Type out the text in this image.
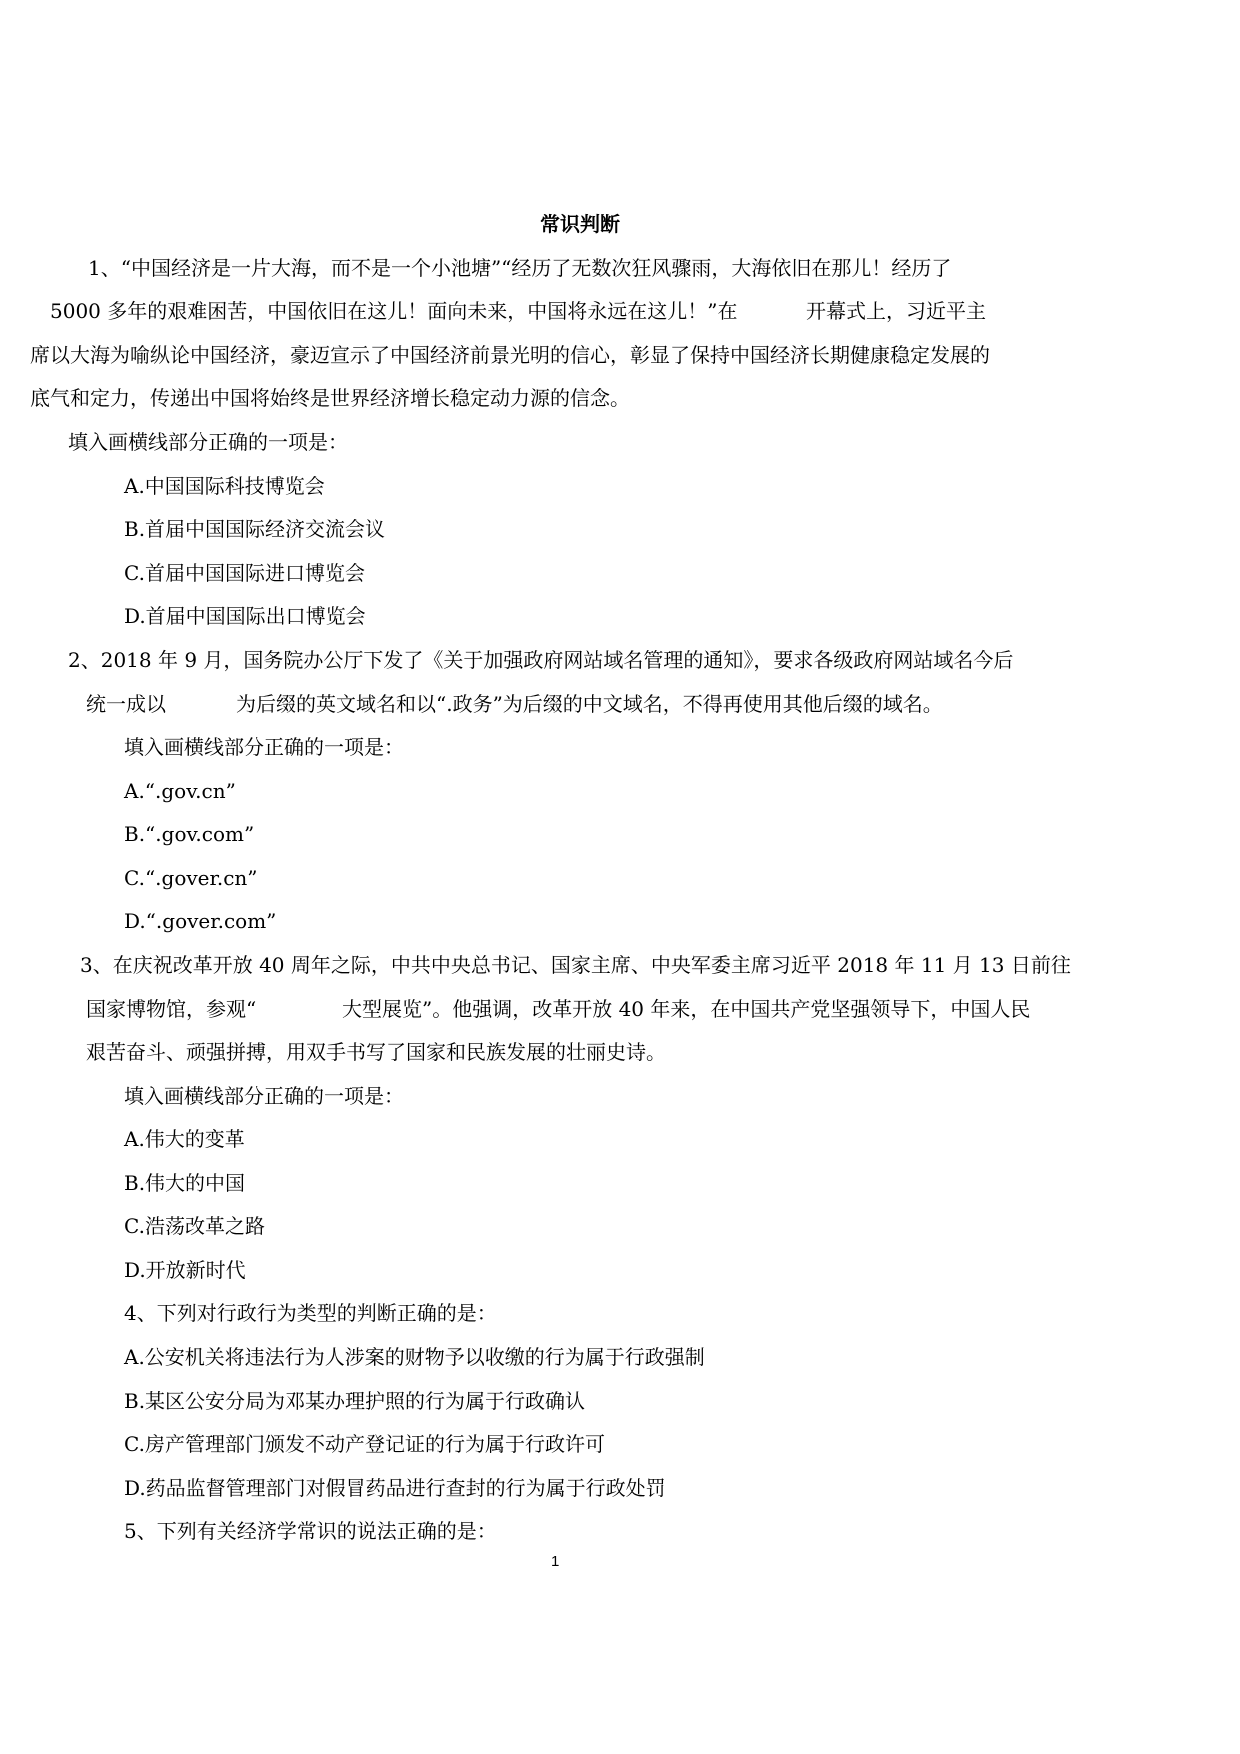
常识判断
1、“中国经济是一片大海，而不是一个小池塘”“经历了无数次狂风骤雨，大海依旧在那儿！经历了
5000 多年的艰难困苦，中国依旧在这儿！面向未来，中国将永远在这儿！”在	开幕式上，习近平主
席以大海为喻纵论中国经济，豪迈宣示了中国经济前景光明的信心，彰显了保持中国经济长期健康稳定发展的
底气和定力，传递出中国将始终是世界经济增长稳定动力源的信念。
填入画横线部分正确的一项是：
A.中国国际科技博览会
B.首届中国国际经济交流会议
C.首届中国国际进口博览会
D.首届中国国际出口博览会
2、2018 年 9 月，国务院办公厅下发了《关于加强政府网站域名管理的通知》，要求各级政府网站域名今后
统一成以	为后缀的英文域名和以“.政务”为后缀的中文域名，不得再使用其他后缀的域名。
填入画横线部分正确的一项是：
A.“.gov.cn”
B.“.gov.com”
C.“.gover.cn”
D.“.gover.com”
3、在庆祝改革开放 40 周年之际，中共中央总书记、国家主席、中央军委主席习近平 2018 年 11 月 13 日前往
国家博物馆，参观“	大型展览”。他强调，改革开放 40 年来，在中国共产党坚强领导下，中国人民
艰苦奋斗、顽强拼搏，用双手书写了国家和民族发展的壮丽史诗。
填入画横线部分正确的一项是：
A.伟大的变革
B.伟大的中国
C.浩荡改革之路
D.开放新时代
4、下列对行政行为类型的判断正确的是：
A.公安机关将违法行为人涉案的财物予以收缴的行为属于行政强制
B.某区公安分局为邓某办理护照的行为属于行政确认
C.房产管理部门颁发不动产登记证的行为属于行政许可
D.药品监督管理部门对假冒药品进行查封的行为属于行政处罚
5、下列有关经济学常识的说法正确的是：
1
